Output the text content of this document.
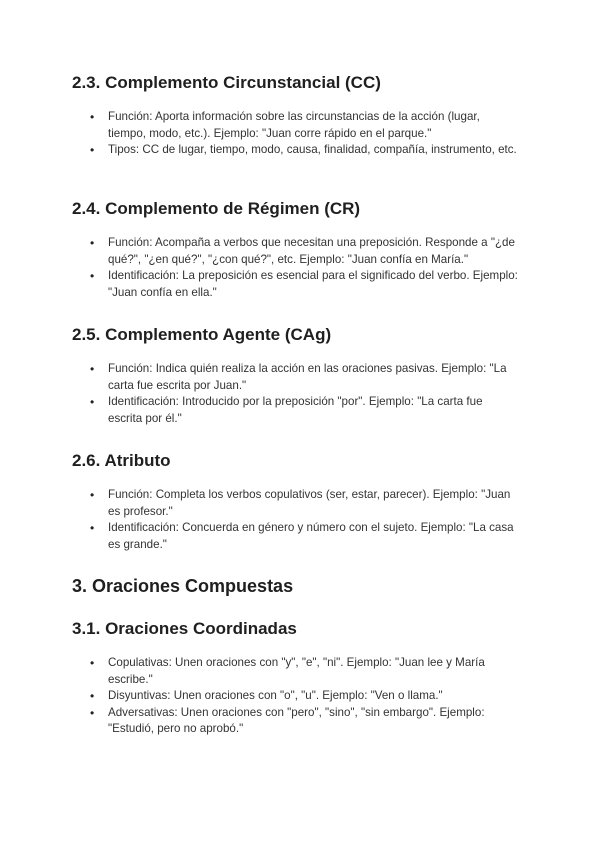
2.3. Complemento Circunstancial (CC)
• Función: Aporta información sobre las circunstancias de la acción (lugar, tiempo, modo, etc.). Ejemplo: "Juan corre rápido en el parque."
• Tipos: CC de lugar, tiempo, modo, causa, finalidad, compañía, instrumento, etc.
2.4. Complemento de Régimen (CR)
• Función: Acompaña a verbos que necesitan una preposición. Responde a "¿de qué?", "¿en qué?", "¿con qué?", etc. Ejemplo: "Juan confía en María."
• Identificación: La preposición es esencial para el significado del verbo. Ejemplo: "Juan confía en ella."
2.5. Complemento Agente (CAg)
• Función: Indica quién realiza la acción en las oraciones pasivas. Ejemplo: "La carta fue escrita por Juan."
• Identificación: Introducido por la preposición "por". Ejemplo: "La carta fue escrita por él."
2.6. Atributo
• Función: Completa los verbos copulativos (ser, estar, parecer). Ejemplo: "Juan es profesor."
• Identificación: Concuerda en género y número con el sujeto. Ejemplo: "La casa es grande."
3. Oraciones Compuestas
3.1. Oraciones Coordinadas
• Copulativas: Unen oraciones con "y", "e", "ni". Ejemplo: "Juan lee y María escribe."
• Disyuntivas: Unen oraciones con "o", "u". Ejemplo: "Ven o llama."
• Adversativas: Unen oraciones con "pero", "sino", "sin embargo". Ejemplo: "Estudió, pero no aprobó."
